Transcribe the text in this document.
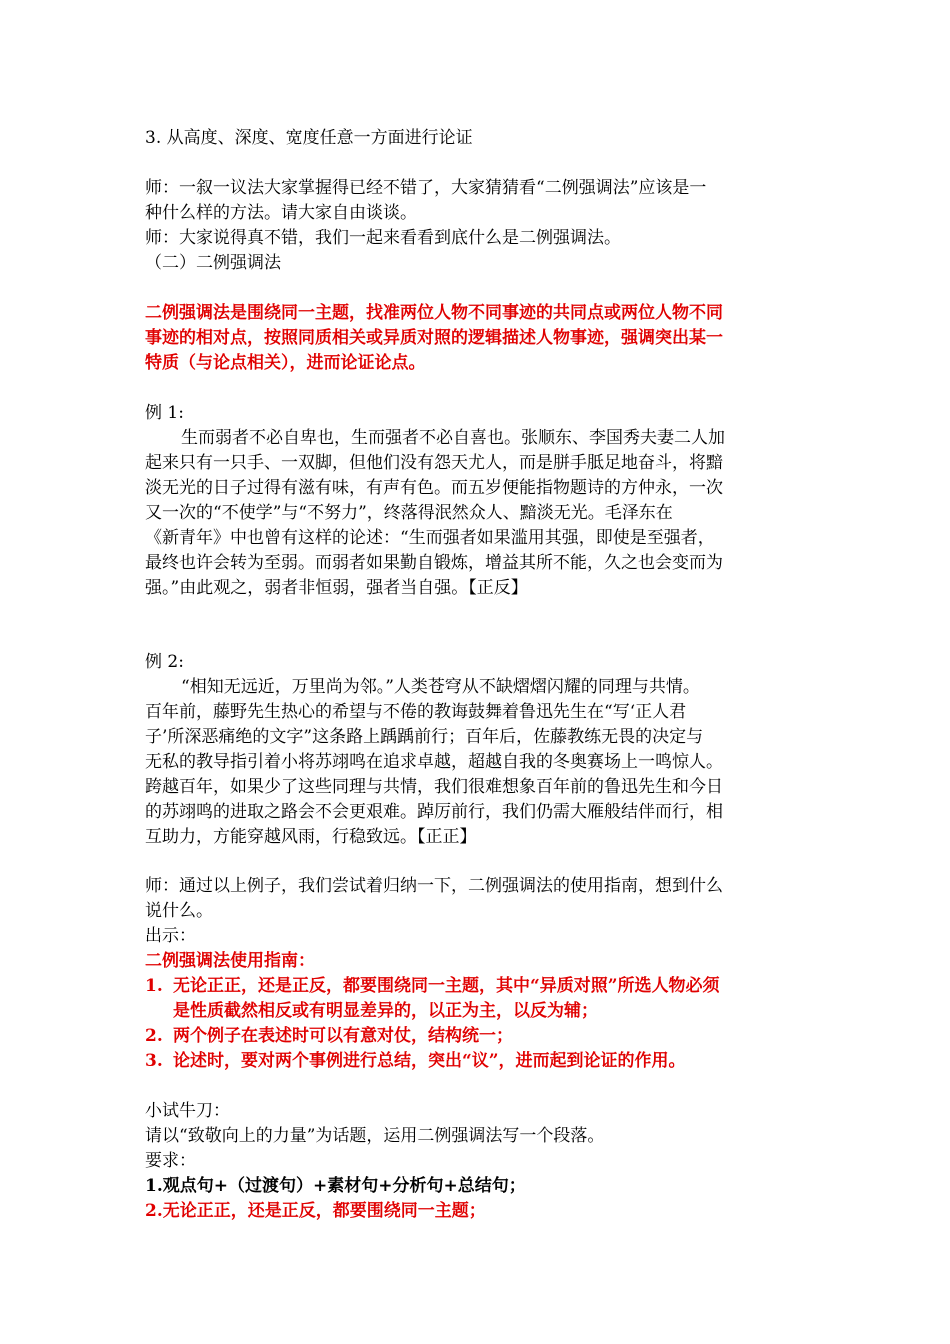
3. 从高度、深度、宽度任意一方面进行论证
师：一叙一议法大家掌握得已经不错了，大家猜猜看“二例强调法”应该是一
种什么样的方法。请大家自由谈谈。
师：大家说得真不错，我们一起来看看到底什么是二例强调法。
（二）二例强调法
二例强调法是围绕同一主题，找准两位人物不同事迹的共同点或两位人物不同
事迹的相对点，按照同质相关或异质对照的逻辑描述人物事迹，强调突出某一
特质（与论点相关），进而论证论点。
例 1:
生而弱者不必自卑也，生而强者不必自喜也。张顺东、李国秀夫妻二人加
起来只有一只手、一双脚，但他们没有怨天尤人，而是胼手胝足地奋斗，将黯
淡无光的日子过得有滋有味，有声有色。而五岁便能指物题诗的方仲永，一次
又一次的“不使学”与“不努力”，终落得泯然众人、黯淡无光。毛泽东在
《新青年》中也曾有这样的论述：“生而强者如果滥用其强，即使是至强者，
最终也许会转为至弱。而弱者如果勤自锻炼，增益其所不能，久之也会变而为
强。”由此观之，弱者非恒弱，强者当自强。【正反】
例 2:
“相知无远近，万里尚为邻。”人类苍穹从不缺熠熠闪耀的同理与共情。
百年前，藤野先生热心的希望与不倦的教诲鼓舞着鲁迅先生在“写‘正人君
子’所深恶痛绝的文字”这条路上踽踽前行；百年后，佐藤教练无畏的决定与
无私的教导指引着小将苏翊鸣在追求卓越，超越自我的冬奥赛场上一鸣惊人。
跨越百年，如果少了这些同理与共情，我们很难想象百年前的鲁迅先生和今日
的苏翊鸣的进取之路会不会更艰难。踔厉前行，我们仍需大雁般结伴而行，相
互助力，方能穿越风雨，行稳致远。【正正】
师：通过以上例子，我们尝试着归纳一下，二例强调法的使用指南，想到什么
说什么。
出示：
二例强调法使用指南：
1. 无论正正，还是正反，都要围绕同一主题，其中“异质对照”所选人物必须
是性质截然相反或有明显差异的，以正为主，以反为辅；
2. 两个例子在表述时可以有意对仗，结构统一；
3. 论述时，要对两个事例进行总结，突出“议”，进而起到论证的作用。
小试牛刀：
请以“致敬向上的力量”为话题，运用二例强调法写一个段落。
要求：
1.观点句+（过渡句）+素材句+分析句+总结句；
2.无论正正，还是正反，都要围绕同一主题；
